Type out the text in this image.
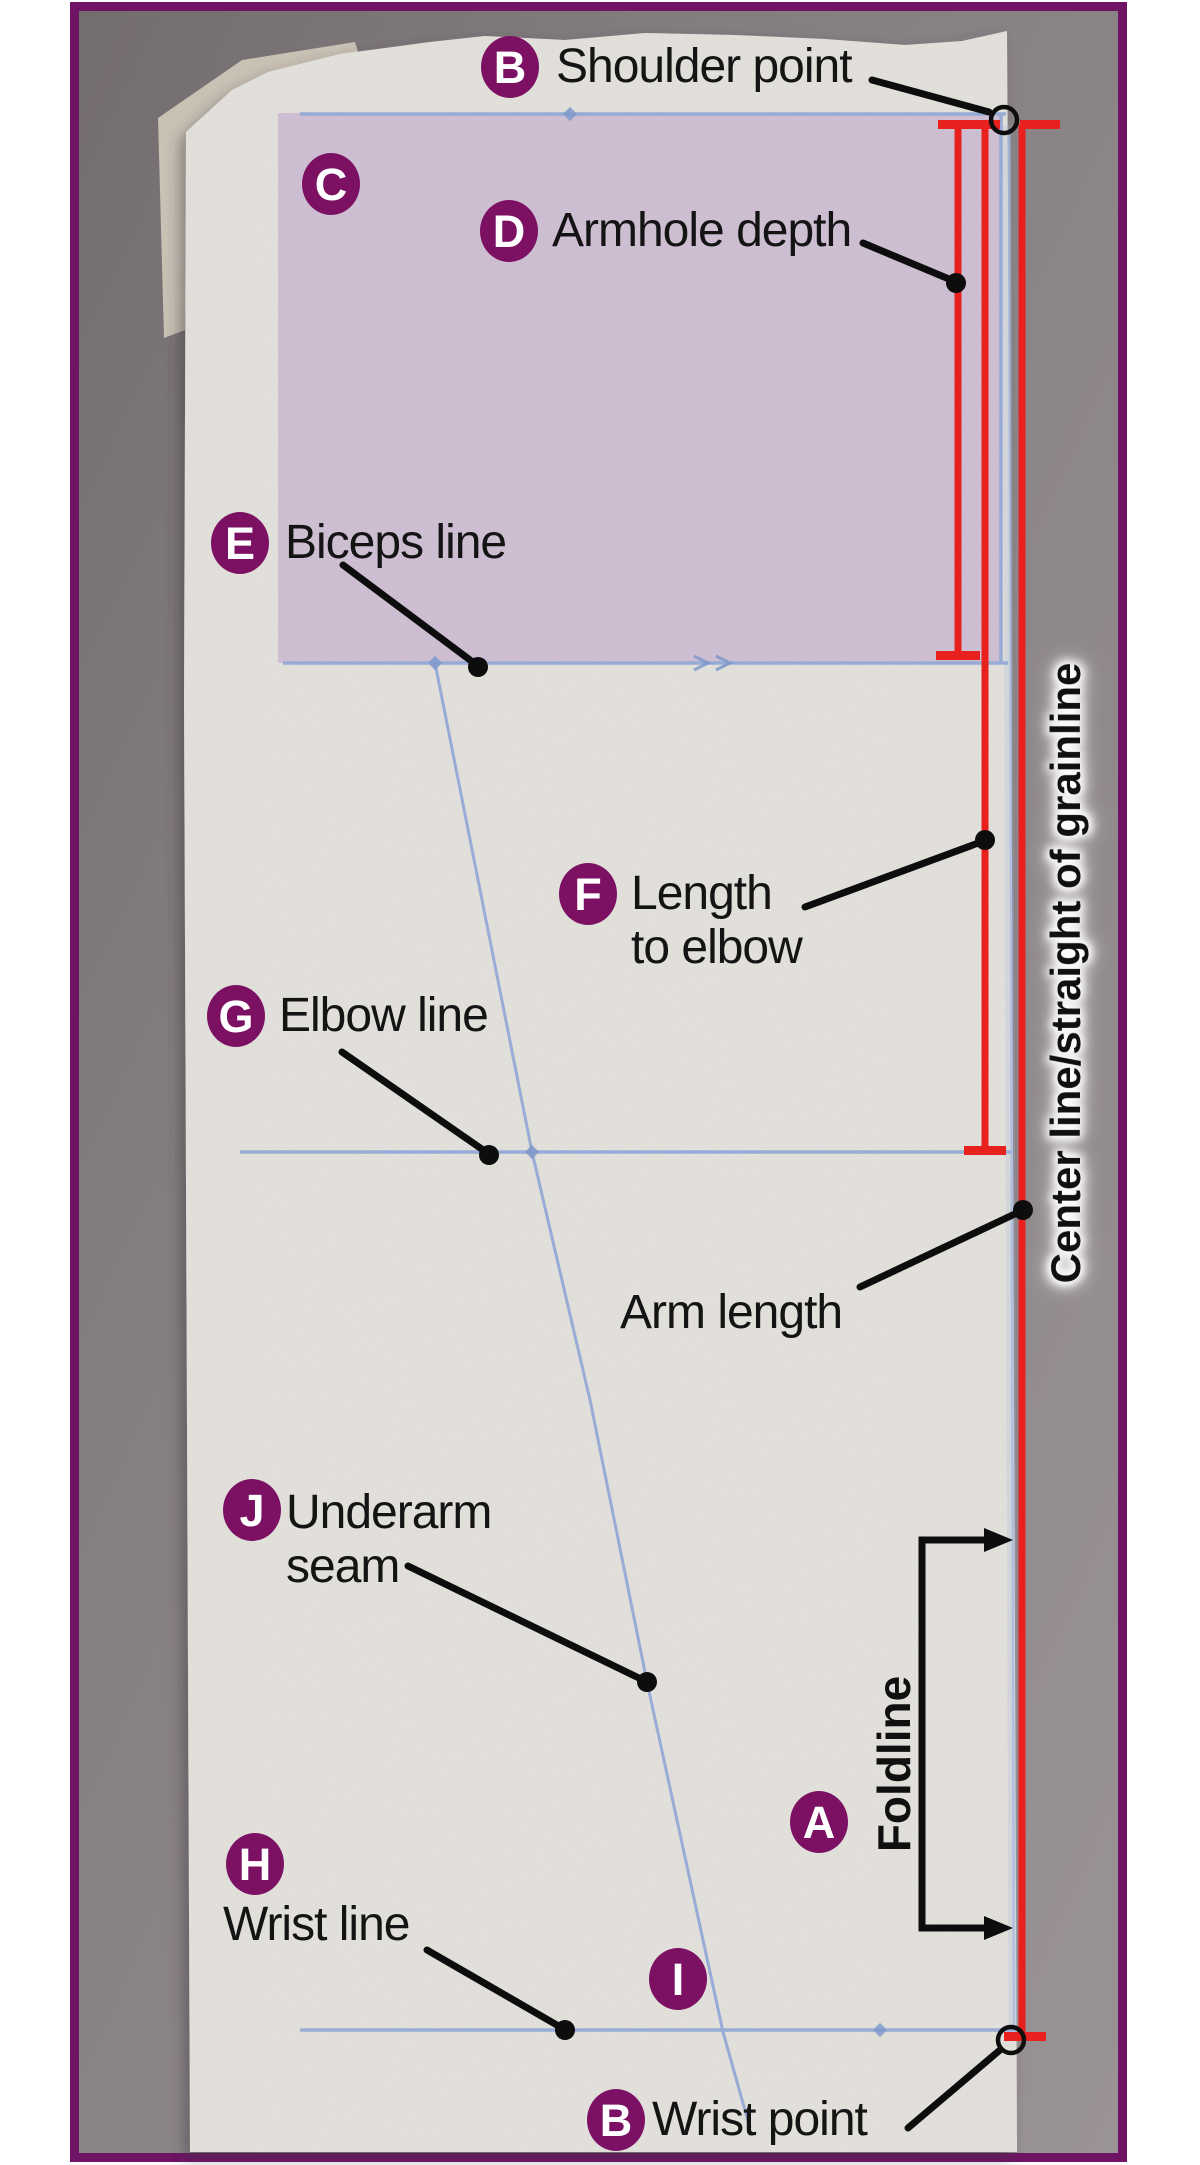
B
C
D
E
F
G
J
A
H
I
B
Shoulder point
Armhole depth
Biceps line
Length
to elbow
Elbow line
Arm length
Underarm
seam
Wrist line
Wrist point
Foldline
Center line/straight of grainline
